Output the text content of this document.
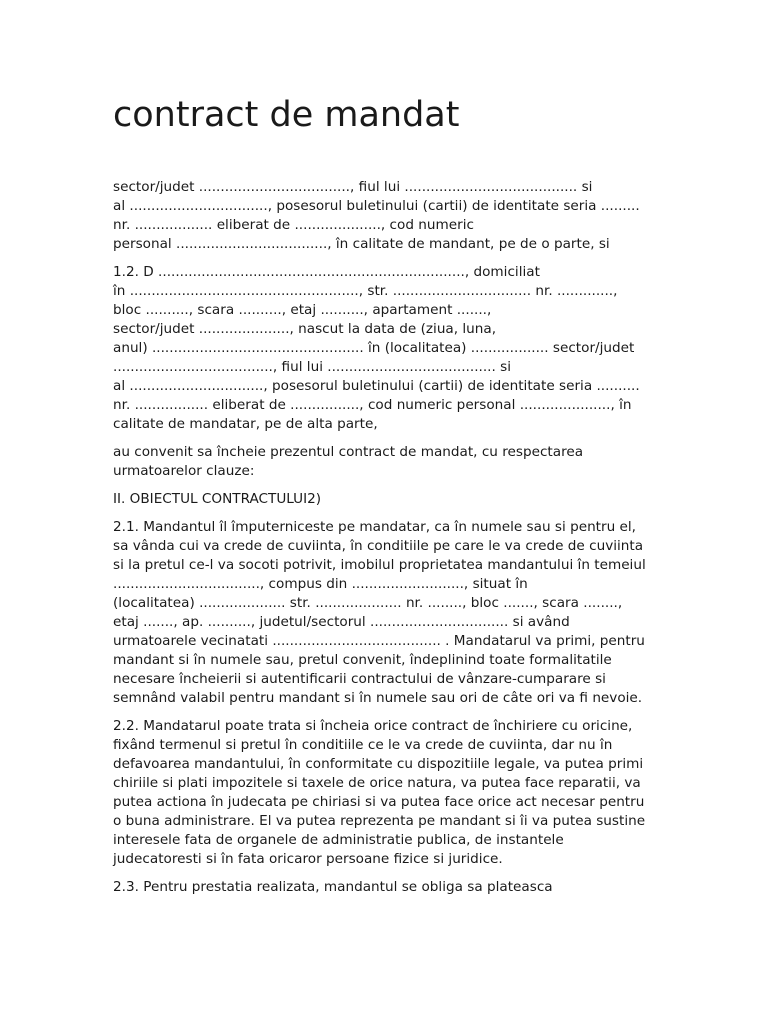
contract de mandat

sector/judet ..................................., fiul lui ........................................ si
al ................................, posesorul buletinului (cartii) de identitate seria .........
nr. .................. eliberat de ...................., cod numeric
personal ..................................., în calitate de mandant, pe de o parte, si

1.2. D ......................................................................., domiciliat
în ....................................................., str. ................................ nr. .............,
bloc .........., scara .........., etaj .........., apartament .......,
sector/judet ....................., nascut la data de (ziua, luna,
anul) ................................................. în (localitatea) .................. sector/judet
....................................., fiul lui ....................................... si
al ..............................., posesorul buletinului (cartii) de identitate seria ..........
nr. ................. eliberat de ................, cod numeric personal ....................., în
calitate de mandatar, pe de alta parte,

au convenit sa încheie prezentul contract de mandat, cu respectarea
urmatoarelor clauze:

II. OBIECTUL CONTRACTULUI2)

2.1. Mandantul îl împuterniceste pe mandatar, ca în numele sau si pentru el,
sa vânda cui va crede de cuviinta, în conditiile pe care le va crede de cuviinta
si la pretul ce-l va socoti potrivit, imobilul proprietatea mandantului în temeiul
.................................., compus din .........................., situat în
(localitatea) .................... str. .................... nr. ........, bloc ......., scara ........,
etaj ......., ap. .........., judetul/sectorul ................................ si având
urmatoarele vecinatati ....................................... . Mandatarul va primi, pentru
mandant si în numele sau, pretul convenit, îndeplinind toate formalitatile
necesare încheierii si autentificarii contractului de vânzare-cumparare si
semnând valabil pentru mandant si în numele sau ori de câte ori va fi nevoie.

2.2. Mandatarul poate trata si încheia orice contract de închiriere cu oricine,
fixând termenul si pretul în conditiile ce le va crede de cuviinta, dar nu în
defavoarea mandantului, în conformitate cu dispozitiile legale, va putea primi
chiriile si plati impozitele si taxele de orice natura, va putea face reparatii, va
putea actiona în judecata pe chiriasi si va putea face orice act necesar pentru
o buna administrare. El va putea reprezenta pe mandant si îi va putea sustine
interesele fata de organele de administratie publica, de instantele
judecatoresti si în fata oricaror persoane fizice si juridice.

2.3. Pentru prestatia realizata, mandantul se obliga sa plateasca
